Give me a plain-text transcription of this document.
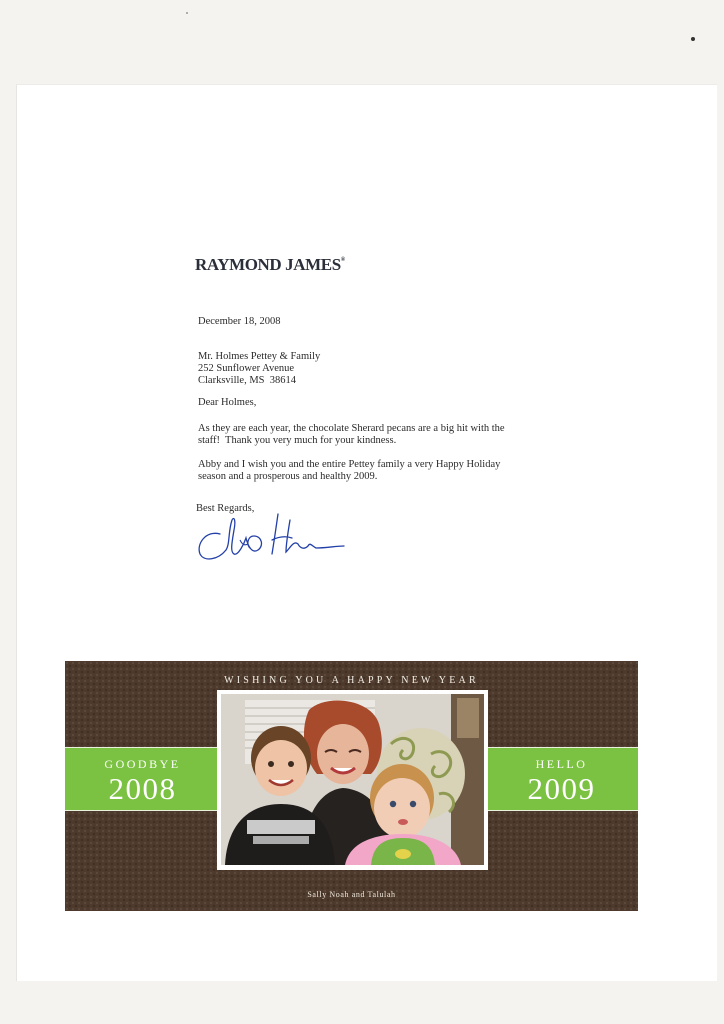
RAYMOND JAMES®
December 18, 2008
Mr. Holmes Pettey & Family
252 Sunflower Avenue
Clarksville, MS  38614
Dear Holmes,
As they are each year, the chocolate Sherard pecans are a big hit with the
staff!  Thank you very much for your kindness.
Abby and I wish you and the entire Pettey family a very Happy Holiday
season and a prosperous and healthy 2009.
Best Regards,
WISHING YOU A HAPPY NEW YEAR
GOODBYE
2008
HELLO
2009
Sally Noah and Talulah
